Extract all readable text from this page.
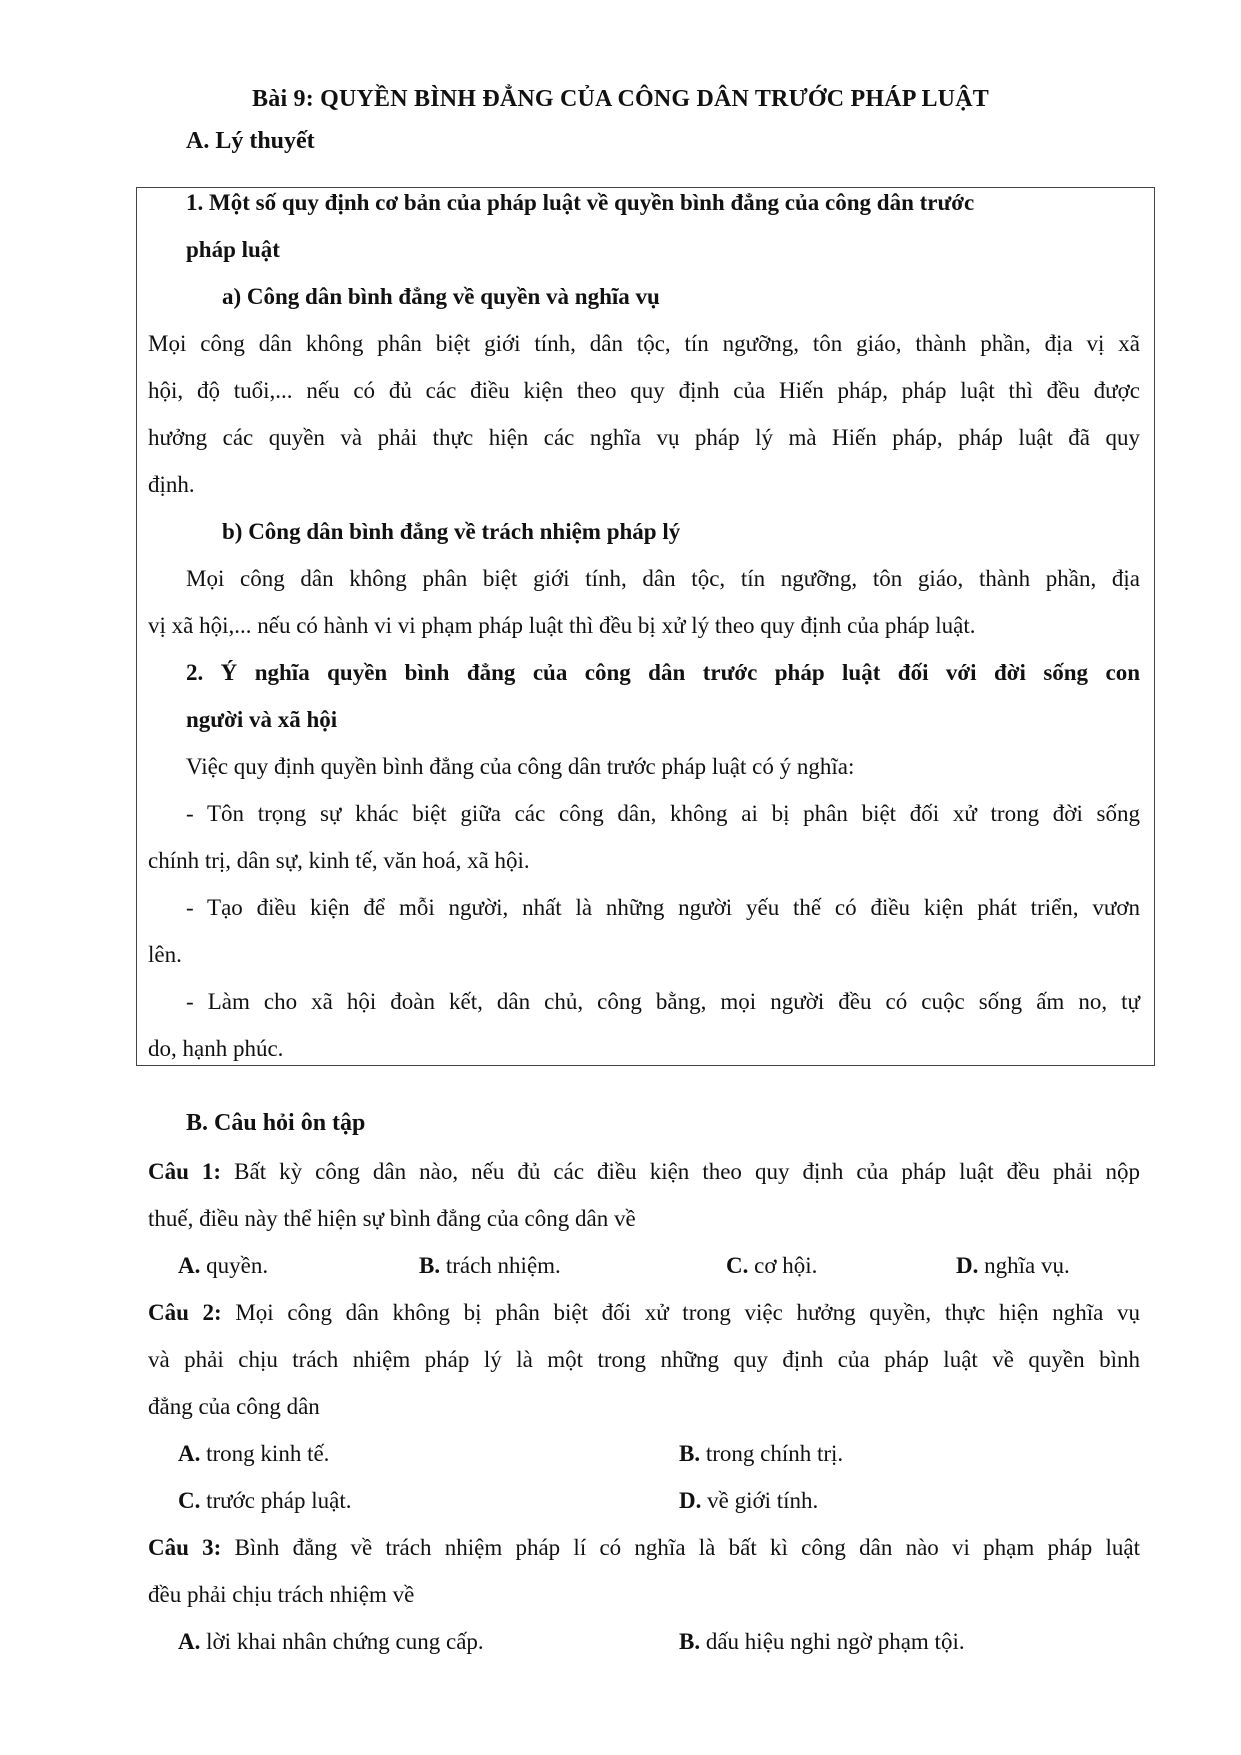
Bài 9: QUYỀN BÌNH ĐẲNG CỦA CÔNG DÂN TRƯỚC PHÁP LUẬT
A. Lý thuyết
1. Một số quy định cơ bản của pháp luật về quyền bình đẳng của công dân trước
pháp luật
a) Công dân bình đẳng về quyền và nghĩa vụ
Mọi công dân không phân biệt giới tính, dân tộc, tín ngưỡng, tôn giáo, thành phần, địa vị xã
hội, độ tuổi,... nếu có đủ các điều kiện theo quy định của Hiến pháp, pháp luật thì đều được
hưởng các quyền và phải thực hiện các nghĩa vụ pháp lý mà Hiến pháp, pháp luật đã quy
định.
b) Công dân bình đẳng về trách nhiệm pháp lý
Mọi công dân không phân biệt giới tính, dân tộc, tín ngưỡng, tôn giáo, thành phần, địa
vị xã hội,... nếu có hành vi vi phạm pháp luật thì đều bị xử lý theo quy định của pháp luật.
2. Ý nghĩa quyền bình đẳng của công dân trước pháp luật đối với đời sống con
người và xã hội
Việc quy định quyền bình đẳng của công dân trước pháp luật có ý nghĩa:
- Tôn trọng sự khác biệt giữa các công dân, không ai bị phân biệt đối xử trong đời sống
chính trị, dân sự, kinh tế, văn hoá, xã hội.
- Tạo điều kiện để mỗi người, nhất là những người yếu thế có điều kiện phát triển, vươn
lên.
- Làm cho xã hội đoàn kết, dân chủ, công bằng, mọi người đều có cuộc sống ấm no, tự
do, hạnh phúc.
B. Câu hỏi ôn tập
Câu 1: Bất kỳ công dân nào, nếu đủ các điều kiện theo quy định của pháp luật đều phải nộp
thuế, điều này thể hiện sự bình đẳng của công dân về
A. quyền.	B. trách nhiệm.	C. cơ hội.	D. nghĩa vụ.
Câu 2: Mọi công dân không bị phân biệt đối xử trong việc hưởng quyền, thực hiện nghĩa vụ
và phải chịu trách nhiệm pháp lý là một trong những quy định của pháp luật về quyền bình
đẳng của công dân
A. trong kinh tế.	B. trong chính trị.
C. trước pháp luật.	D. về giới tính.
Câu 3: Bình đẳng về trách nhiệm pháp lí có nghĩa là bất kì công dân nào vi phạm pháp luật
đều phải chịu trách nhiệm về
A. lời khai nhân chứng cung cấp.	B. dấu hiệu nghi ngờ phạm tội.
